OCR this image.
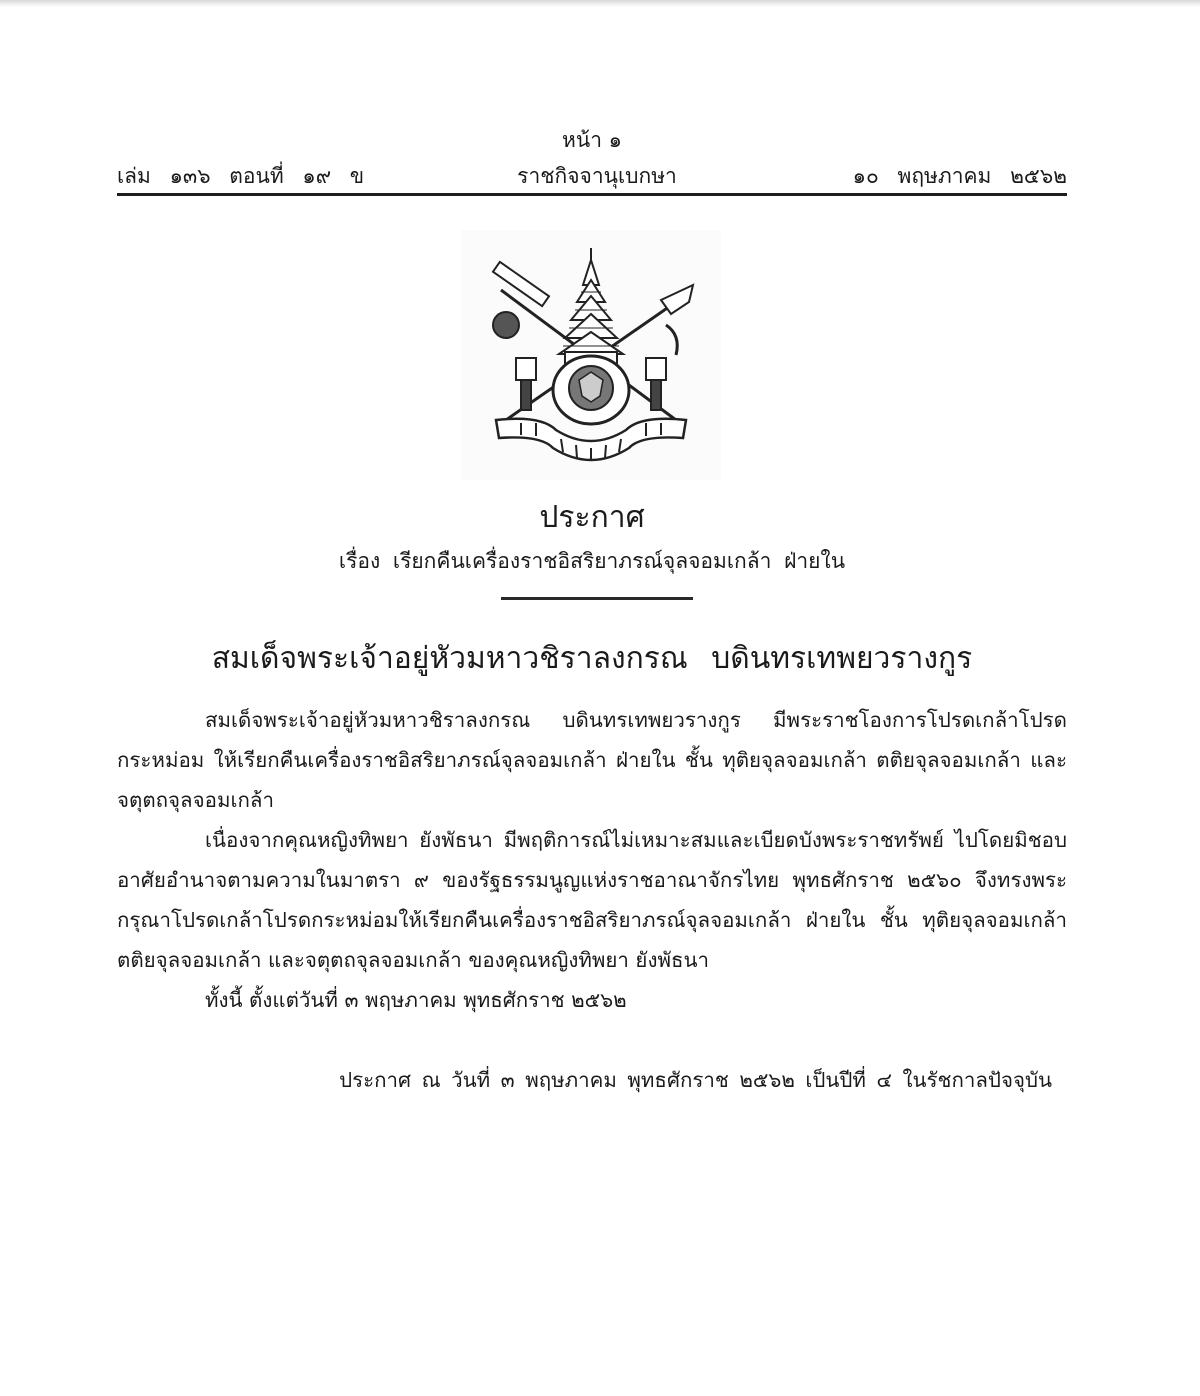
หน้า ๑
เล่ม ๑๓๖ ตอนที่ ๑๙ ข	ราชกิจจานุเบกษา	๑๐ พฤษภาคม ๒๕๖๒
ประกาศ
เรื่อง เรียกคืนเครื่องราชอิสริยาภรณ์จุลจอมเกล้า ฝ่ายใน
สมเด็จพระเจ้าอยู่หัวมหาวชิราลงกรณ บดินทรเทพยวรางกูร

สมเด็จพระเจ้าอยู่หัวมหาวชิราลงกรณ บดินทรเทพยวรางกูร มีพระราชโองการโปรดเกล้าโปรดกระหม่อม ให้เรียกคืนเครื่องราชอิสริยาภรณ์จุลจอมเกล้า ฝ่ายใน ชั้น ทุติยจุลจอมเกล้า ตติยจุลจอมเกล้า และ จตุตถจุลจอมเกล้า

เนื่องจากคุณหญิงทิพยา ยังพัธนา มีพฤติการณ์ไม่เหมาะสมและเบียดบังพระราชทรัพย์ ไปโดยมิชอบ อาศัยอำนาจตามความในมาตรา ๙ ของรัฐธรรมนูญแห่งราชอาณาจักรไทย พุทธศักราช ๒๕๖๐ จึงทรงพระกรุณาโปรดเกล้าโปรดกระหม่อมให้เรียกคืนเครื่องราชอิสริยาภรณ์จุลจอมเกล้า ฝ่ายใน ชั้น ทุติยจุลจอมเกล้า ตติยจุลจอมเกล้า และจตุตถจุลจอมเกล้า ของคุณหญิงทิพยา ยังพัธนา

ทั้งนี้ ตั้งแต่วันที่ ๓ พฤษภาคม พุทธศักราช ๒๕๖๒

ประกาศ ณ วันที่ ๓ พฤษภาคม พุทธศักราช ๒๕๖๒ เป็นปีที่ ๔ ในรัชกาลปัจจุบัน
